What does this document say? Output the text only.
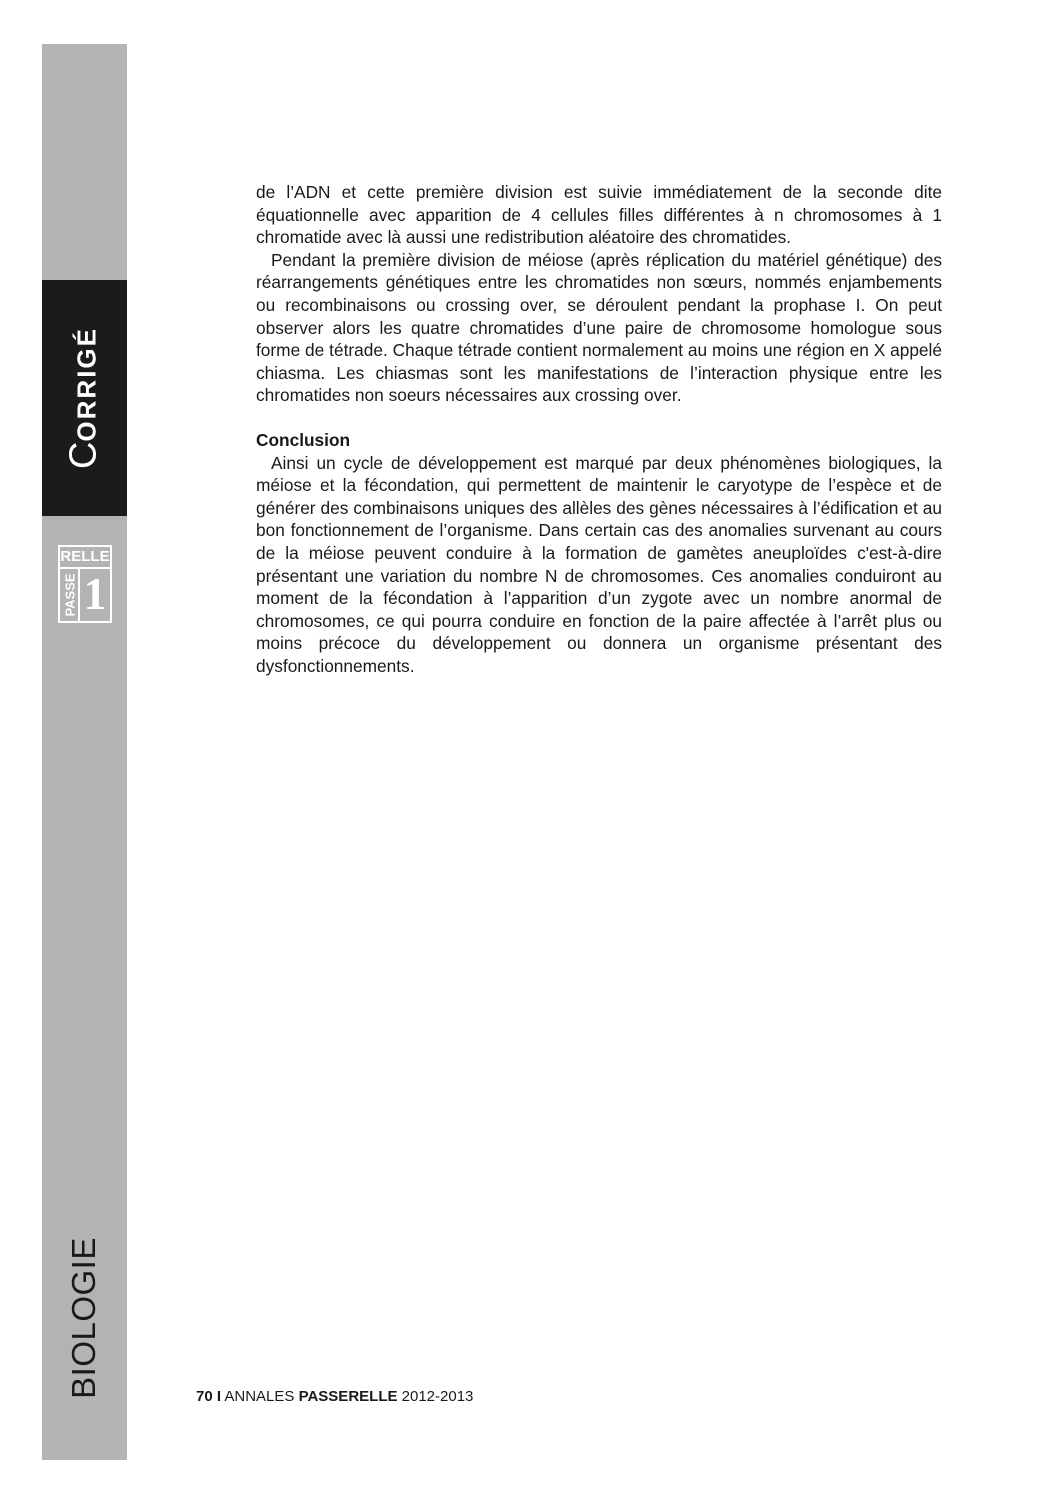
CORRIGÉ
RELLE
PASSE 1
BIOLOGIE

de l’ADN et cette première division est suivie immédiatement de la seconde dite équationnelle avec apparition de 4 cellules filles différentes à n chromosomes à 1 chromatide avec là aussi une redistribution aléatoire des chromatides.

Pendant la première division de méiose (après réplication du matériel génétique) des réarrangements génétiques entre les chromatides non sœurs, nommés enjambements ou recombinaisons ou crossing over, se déroulent pendant la prophase I. On peut observer alors les quatre chromatides d’une paire de chromosome homologue sous forme de tétrade. Chaque tétrade contient normalement au moins une région en X appelé chiasma. Les chiasmas sont les manifestations de l’interaction physique entre les chromatides non soeurs nécessaires aux crossing over.

Conclusion

Ainsi un cycle de développement est marqué par deux phénomènes biologiques, la méiose et la fécondation, qui permettent de maintenir le caryotype de l’espèce et de générer des combinaisons uniques des allèles des gènes nécessaires à l’édification et au bon fonctionnement de l’organisme. Dans certain cas des anomalies survenant au cours de la méiose peuvent conduire à la formation de gamètes aneuploïdes c'est-à-dire présentant une variation du nombre N de chromosomes. Ces anomalies conduiront au moment de la fécondation à l’apparition d’un zygote avec un nombre anormal de chromosomes, ce qui pourra conduire en fonction de la paire affectée à l’arrêt plus ou moins précoce du développement ou donnera un organisme présentant des dysfonctionnements.

70 I ANNALES PASSERELLE 2012-2013
